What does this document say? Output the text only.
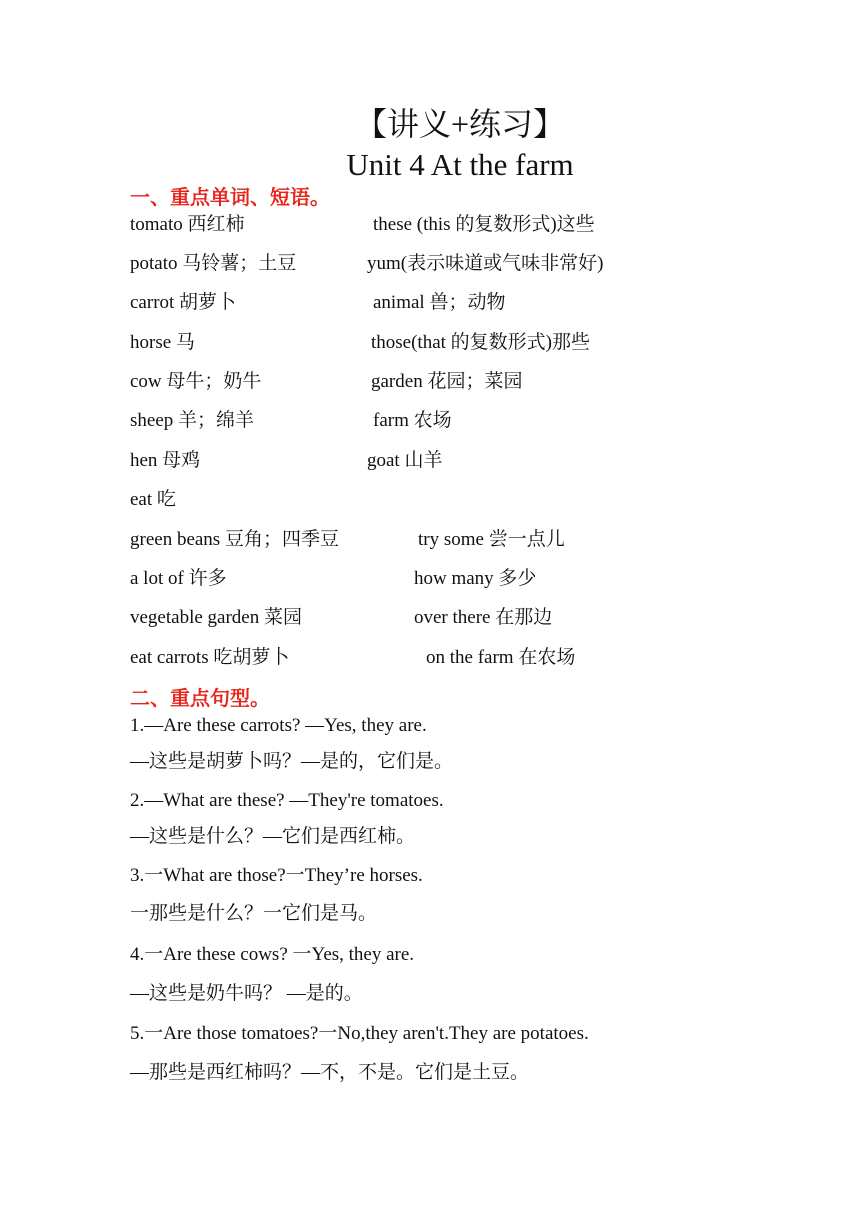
【讲义+练习】
Unit 4 At the farm
一、重点单词、短语。
tomato 西红柿	these (this 的复数形式)这些
potato 马铃薯；土豆	yum(表示味道或气味非常好)
carrot 胡萝卜	animal 兽；动物
horse 马	those(that 的复数形式)那些
cow 母牛；奶牛	garden 花园；菜园
sheep 羊；绵羊	farm 农场
hen 母鸡	goat 山羊
eat 吃
green beans 豆角；四季豆	try some 尝一点儿
a lot of 许多	how many 多少
vegetable garden 菜园	over there 在那边
eat carrots 吃胡萝卜	on the farm 在农场
二、重点句型。
1.—Are these carrots? —Yes, they are.
—这些是胡萝卜吗？—是的，它们是。
2.—What are these? —They're tomatoes.
—这些是什么？—它们是西红柿。
3.一What are those?一They’re horses.
一那些是什么？一它们是马。
4.一Are these cows? 一Yes, they are.
—这些是奶牛吗？ —是的。
5.一Are those tomatoes?一No,they aren't.They are potatoes.
—那些是西红柿吗？—不，不是。它们是土豆。
